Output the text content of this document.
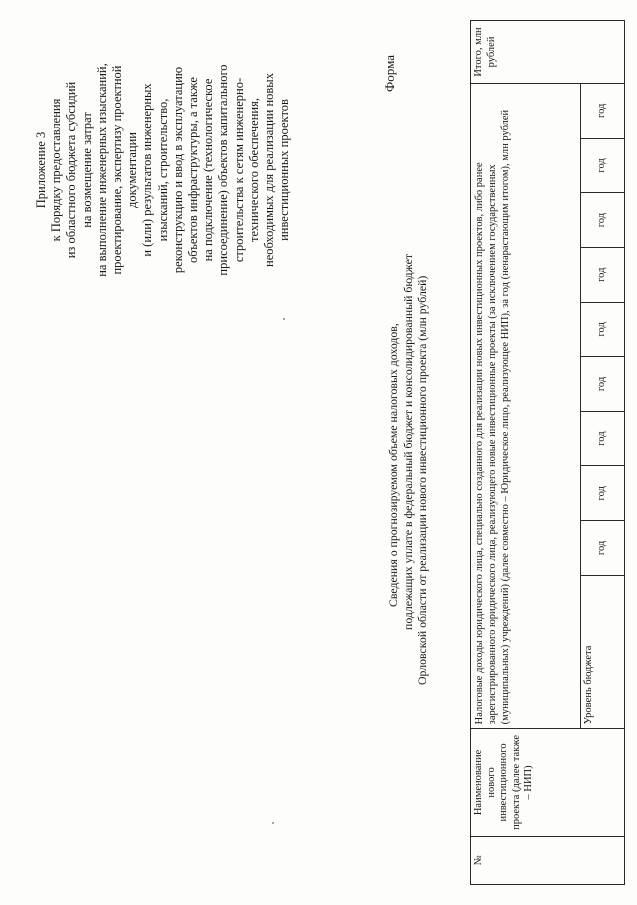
Приложение 3 к Порядку предоставления из областного бюджета субсидий на возмещение затрат на выполнение инженерных изысканий, проектирование, экспертизу проектной документации и (или) результатов инженерных изысканий, строительство, реконструкцию и ввод в эксплуатацию объектов инфраструктуры, а также на подключение (технологическое присоединение) объектов капитального строительства к сетям инженерно- технического обеспечения, необходимых для реализации новых инвестиционных проектов
Форма
Сведения о прогнозируемом объеме налоговых доходов, подлежащих уплате в федеральный бюджет и консолидированный бюджет Орловской области от реализации нового инвестиционного проекта (млн рублей)
№	Наименование нового инвестиционного проекта (далее также – НИП)	Налоговые доходы юридического лица, специально созданного для реализации новых инвестиционных проектов, либо ранее зарегистрированного юридического лица, реализующего новые инвестиционные проекты (за исключением государственных (муниципальных) учреждений) (далее совместно – Юридическое лицо, реализующее НИП), за год (ненарастающим итогом), млн рублей										Итого, млн рублей
		Уровень бюджета	год	год	год	год	год	год	год	год	год	
